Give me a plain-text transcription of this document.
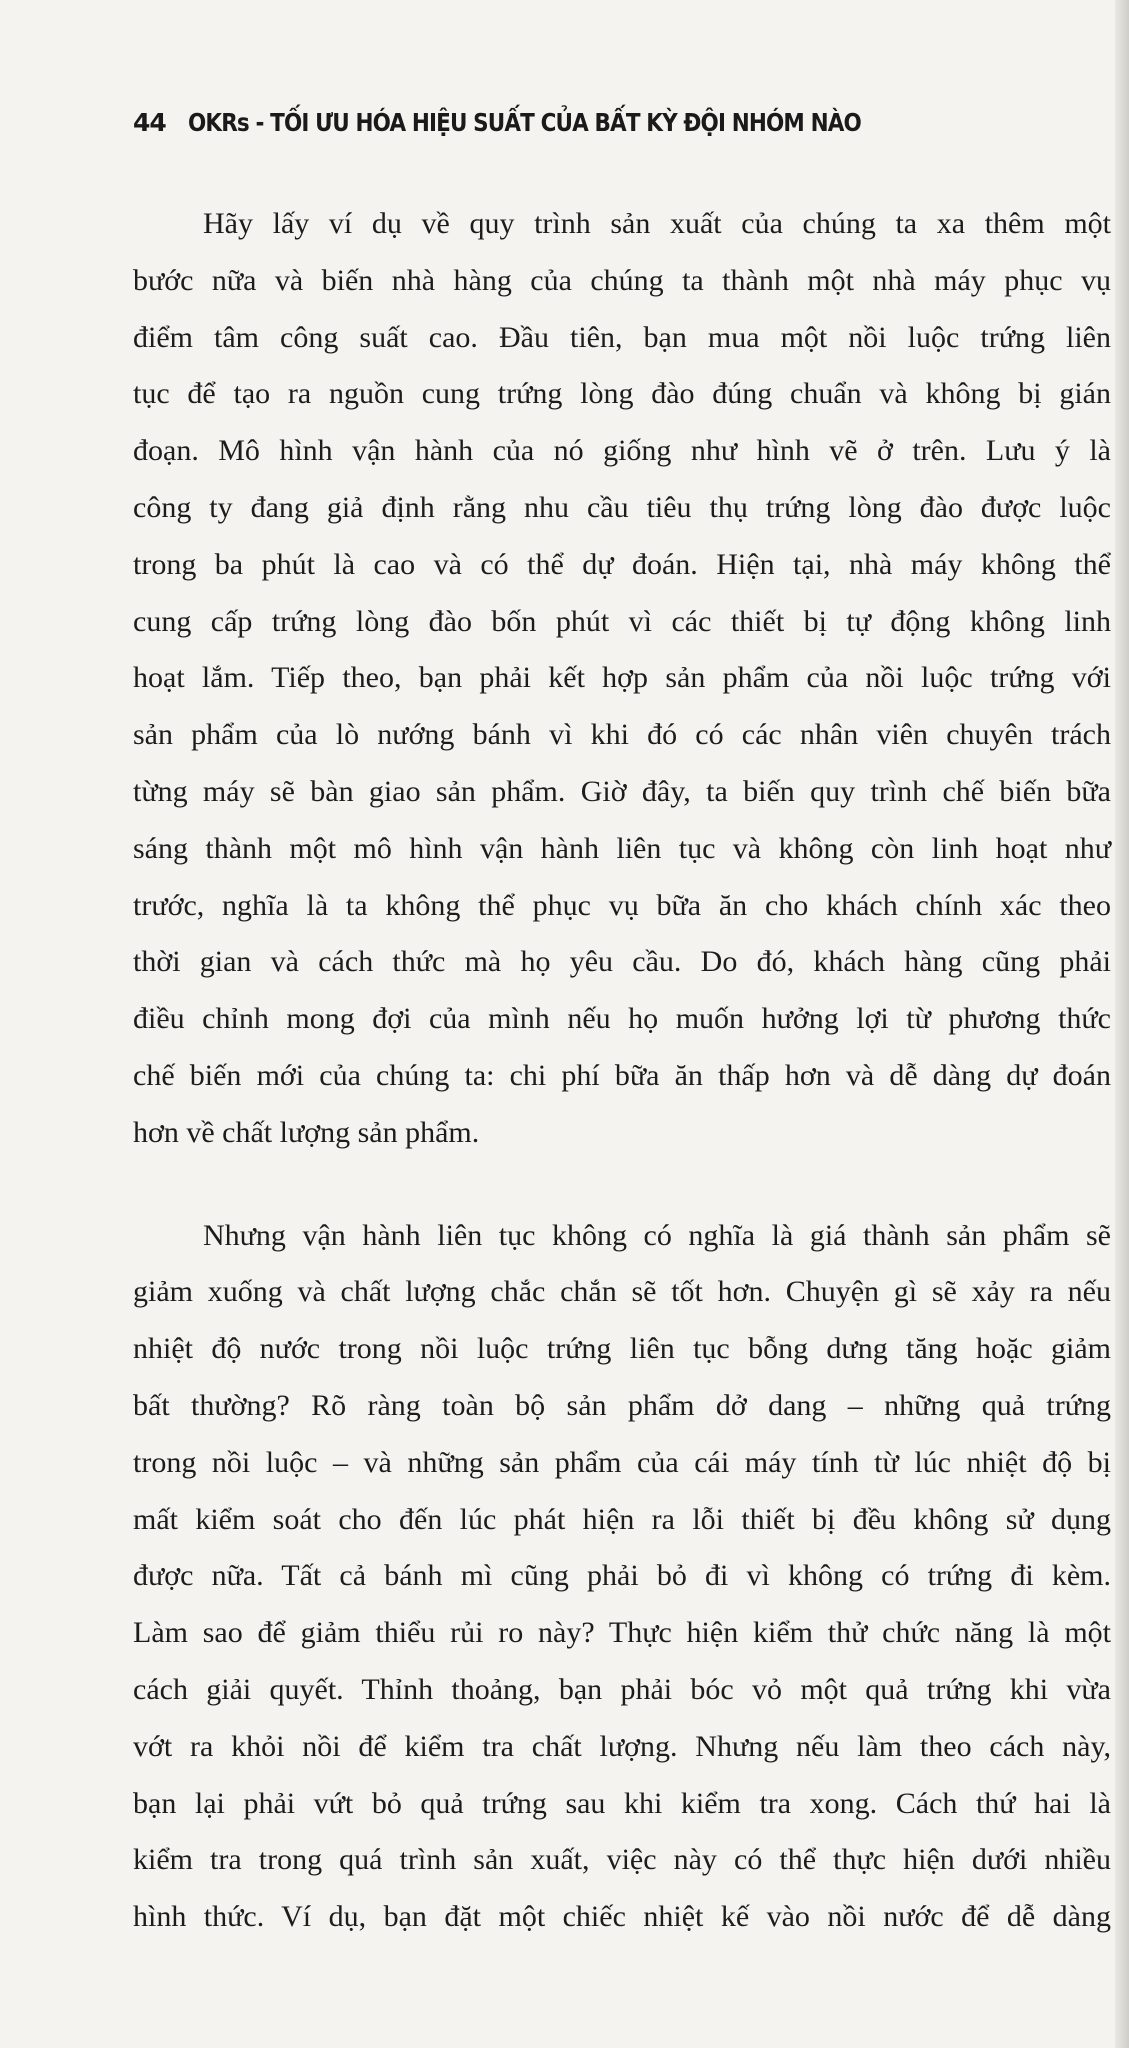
44 OKRs - TỐI ƯU HÓA HIỆU SUẤT CỦA BẤT KỲ ĐỘI NHÓM NÀO

Hãy lấy ví dụ về quy trình sản xuất của chúng ta xa thêm một
bước nữa và biến nhà hàng của chúng ta thành một nhà máy phục vụ
điểm tâm công suất cao. Đầu tiên, bạn mua một nồi luộc trứng liên
tục để tạo ra nguồn cung trứng lòng đào đúng chuẩn và không bị gián
đoạn. Mô hình vận hành của nó giống như hình vẽ ở trên. Lưu ý là
công ty đang giả định rằng nhu cầu tiêu thụ trứng lòng đào được luộc
trong ba phút là cao và có thể dự đoán. Hiện tại, nhà máy không thể
cung cấp trứng lòng đào bốn phút vì các thiết bị tự động không linh
hoạt lắm. Tiếp theo, bạn phải kết hợp sản phẩm của nồi luộc trứng với
sản phẩm của lò nướng bánh vì khi đó có các nhân viên chuyên trách
từng máy sẽ bàn giao sản phẩm. Giờ đây, ta biến quy trình chế biến bữa
sáng thành một mô hình vận hành liên tục và không còn linh hoạt như
trước, nghĩa là ta không thể phục vụ bữa ăn cho khách chính xác theo
thời gian và cách thức mà họ yêu cầu. Do đó, khách hàng cũng phải
điều chỉnh mong đợi của mình nếu họ muốn hưởng lợi từ phương thức
chế biến mới của chúng ta: chi phí bữa ăn thấp hơn và dễ dàng dự đoán
hơn về chất lượng sản phẩm.

Nhưng vận hành liên tục không có nghĩa là giá thành sản phẩm sẽ
giảm xuống và chất lượng chắc chắn sẽ tốt hơn. Chuyện gì sẽ xảy ra nếu
nhiệt độ nước trong nồi luộc trứng liên tục bỗng dưng tăng hoặc giảm
bất thường? Rõ ràng toàn bộ sản phẩm dở dang – những quả trứng
trong nồi luộc – và những sản phẩm của cái máy tính từ lúc nhiệt độ bị
mất kiểm soát cho đến lúc phát hiện ra lỗi thiết bị đều không sử dụng
được nữa. Tất cả bánh mì cũng phải bỏ đi vì không có trứng đi kèm.
Làm sao để giảm thiểu rủi ro này? Thực hiện kiểm thử chức năng là một
cách giải quyết. Thỉnh thoảng, bạn phải bóc vỏ một quả trứng khi vừa
vớt ra khỏi nồi để kiểm tra chất lượng. Nhưng nếu làm theo cách này,
bạn lại phải vứt bỏ quả trứng sau khi kiểm tra xong. Cách thứ hai là
kiểm tra trong quá trình sản xuất, việc này có thể thực hiện dưới nhiều
hình thức. Ví dụ, bạn đặt một chiếc nhiệt kế vào nồi nước để dễ dàng
